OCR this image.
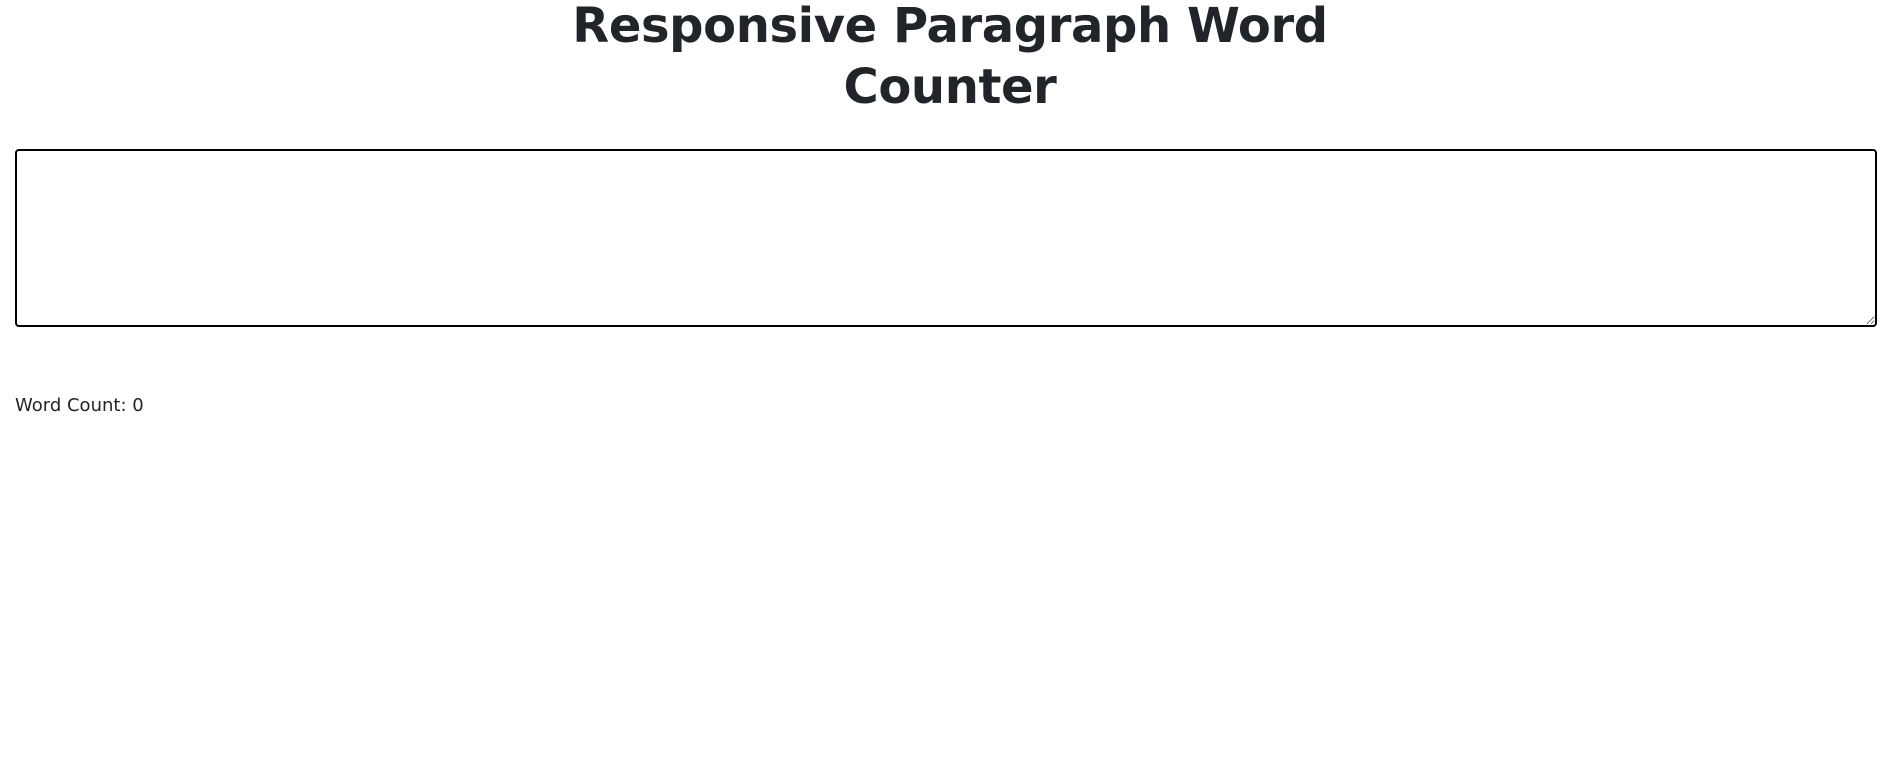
Responsive Paragraph Word
Counter

Word Count: 0
